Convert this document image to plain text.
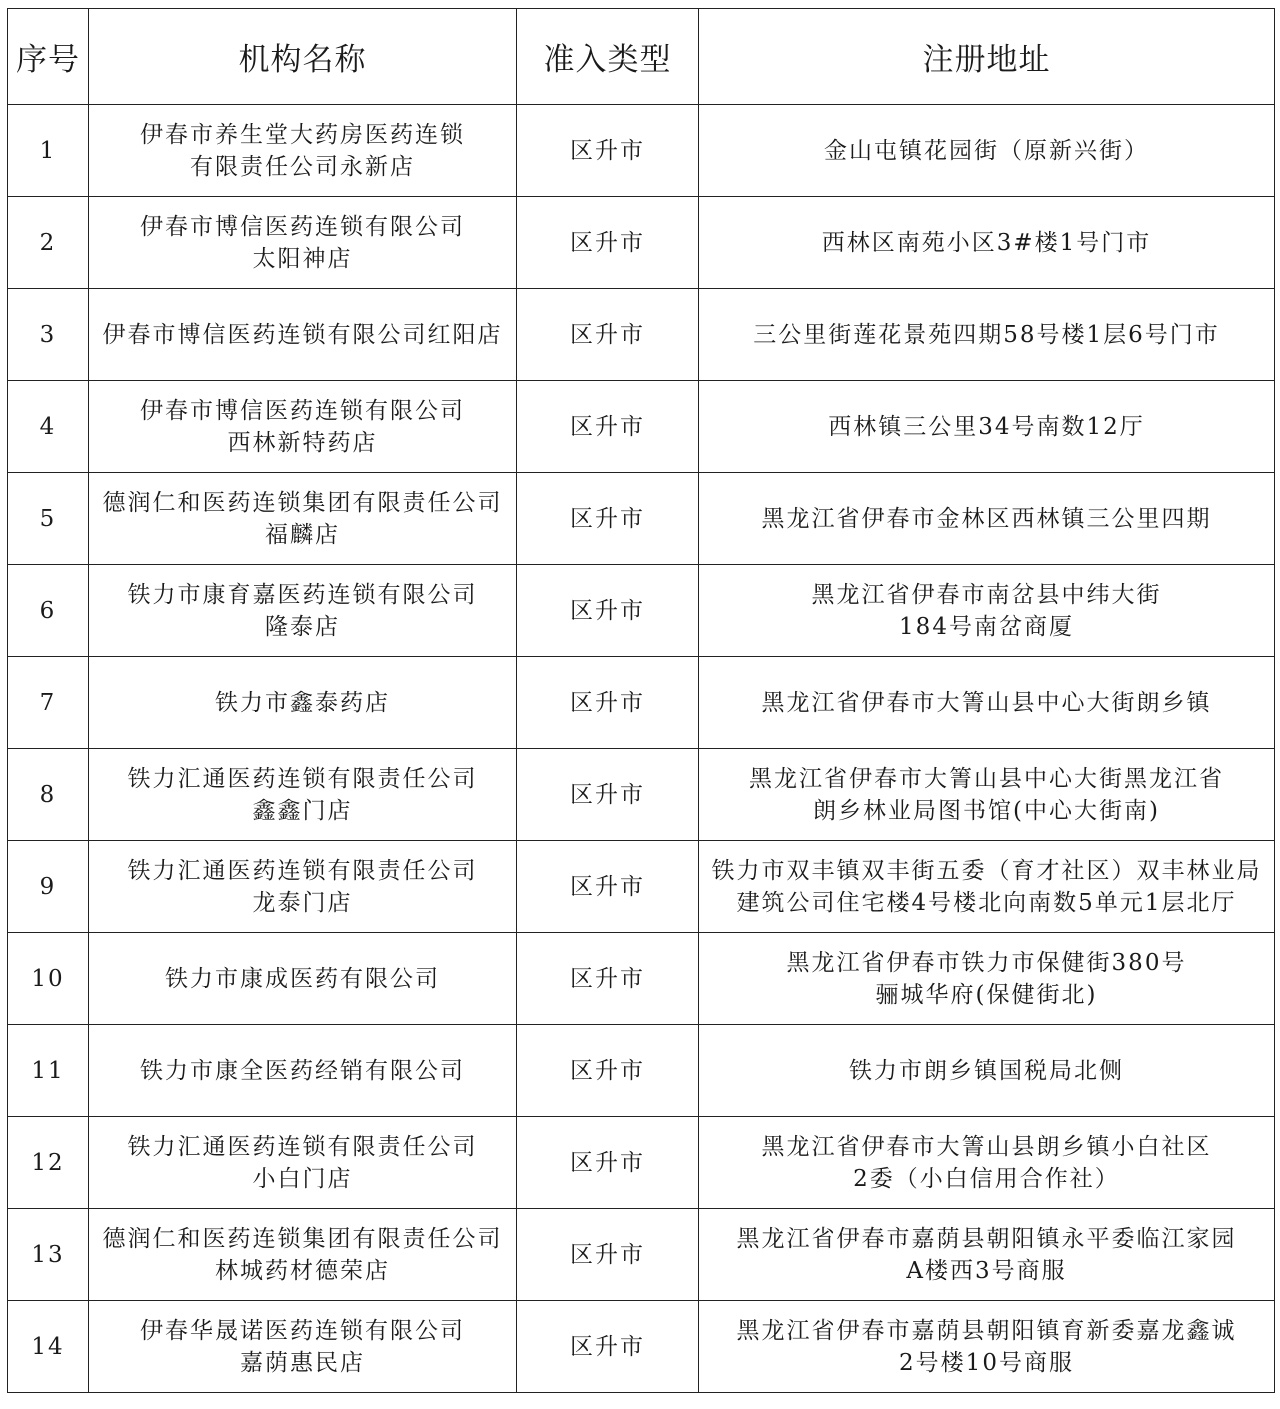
序号	机构名称	准入类型	注册地址
1	伊春市养生堂大药房医药连锁
有限责任公司永新店	区升市	金山屯镇花园街（原新兴街）

2	伊春市博信医药连锁有限公司
太阳神店	区升市	西林区南苑小区3#楼1号门市

3	伊春市博信医药连锁有限公司红阳店	区升市	三公里街莲花景苑四期58号楼1层6号门市

4	伊春市博信医药连锁有限公司
西林新特药店	区升市	西林镇三公里34号南数12厅

5	德润仁和医药连锁集团有限责任公司
福麟店	区升市	黑龙江省伊春市金林区西林镇三公里四期

6	铁力市康育嘉医药连锁有限公司
隆泰店	区升市	黑龙江省伊春市南岔县中纬大街
184号南岔商厦

7	铁力市鑫泰药店	区升市	黑龙江省伊春市大箐山县中心大街朗乡镇

8	铁力汇通医药连锁有限责任公司
鑫鑫门店	区升市	黑龙江省伊春市大箐山县中心大街黑龙江省
朗乡林业局图书馆(中心大街南)

9	铁力汇通医药连锁有限责任公司
龙泰门店	区升市	铁力市双丰镇双丰街五委（育才社区）双丰林业局
建筑公司住宅楼4号楼北向南数5单元1层北厅

10	铁力市康成医药有限公司	区升市	黑龙江省伊春市铁力市保健街380号
骊城华府(保健街北)

11	铁力市康全医药经销有限公司	区升市	铁力市朗乡镇国税局北侧

12	铁力汇通医药连锁有限责任公司
小白门店	区升市	黑龙江省伊春市大箐山县朗乡镇小白社区
2委（小白信用合作社）

13	德润仁和医药连锁集团有限责任公司
林城药材德荣店	区升市	黑龙江省伊春市嘉荫县朝阳镇永平委临江家园
A楼西3号商服

14	伊春华晟诺医药连锁有限公司
嘉荫惠民店	区升市	黑龙江省伊春市嘉荫县朝阳镇育新委嘉龙鑫诚
2号楼10号商服
